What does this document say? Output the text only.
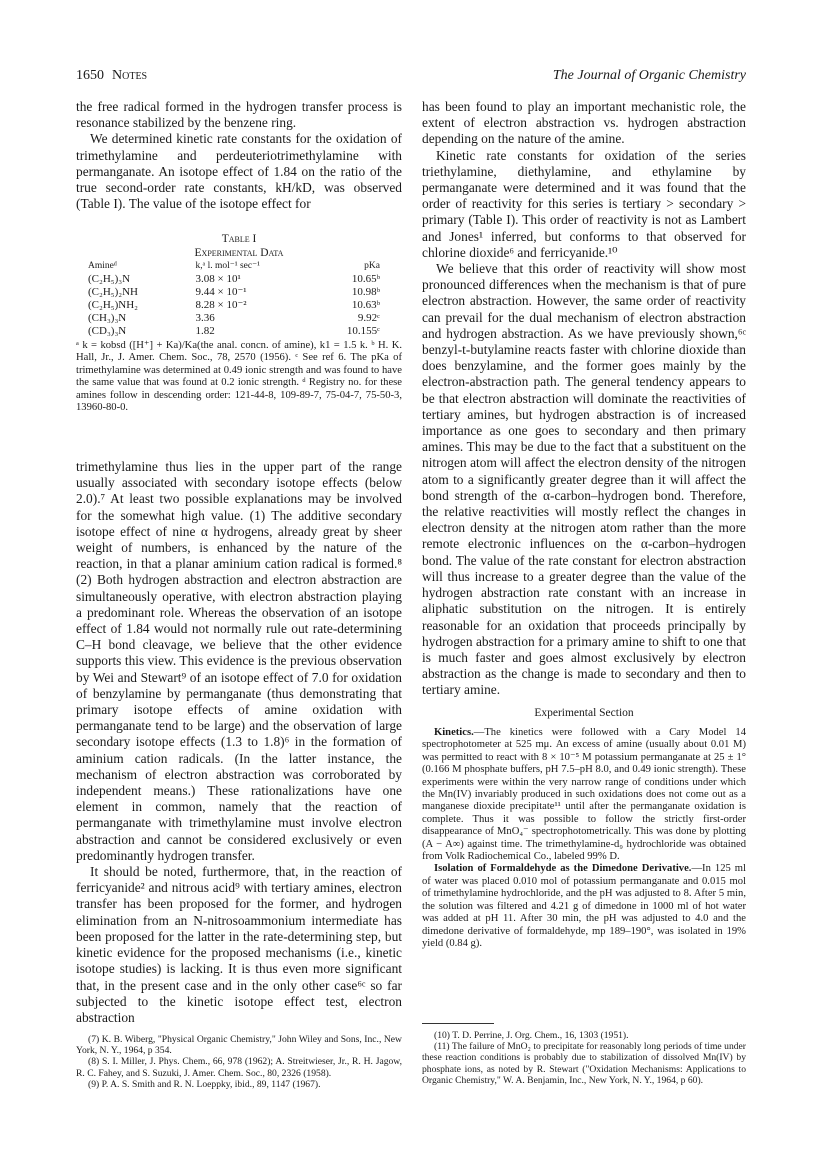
1650 Notes	The Journal of Organic Chemistry

the free radical formed in the hydrogen transfer process is resonance stabilized by the benzene ring.

We determined kinetic rate constants for the oxidation of trimethylamine and perdeuteriotrimethylamine with permanganate. An isotope effect of 1.84 on the ratio of the true second-order rate constants, kH/kD, was observed (Table I). The value of the isotope effect for

Table I
Experimental Data
Amineᵈ	k,ᵃ l. mol⁻¹ sec⁻¹	pKa
(C₂H₅)₃N	3.08 × 10¹	10.65ᵇ
(C₂H₅)₂NH	9.44 × 10⁻¹	10.98ᵇ
(C₂H₅)NH₂	8.28 × 10⁻²	10.63ᵇ
(CH₃)₃N	3.36	9.92ᶜ
(CD₃)₃N	1.82	10.155ᶜ
ᵃ k = kobsd ([H⁺] + Ka)/Ka(the anal. concn. of amine), k1 = 1.5 k. ᵇ H. K. Hall, Jr., J. Amer. Chem. Soc., 78, 2570 (1956). ᶜ See ref 6. The pKa of trimethylamine was determined at 0.49 ionic strength and was found to have the same value that was found at 0.2 ionic strength. ᵈ Registry no. for these amines follow in descending order: 121-44-8, 109-89-7, 75-04-7, 75-50-3, 13960-80-0.

trimethylamine thus lies in the upper part of the range usually associated with secondary isotope effects (below 2.0).⁷ At least two possible explanations may be involved for the somewhat high value. (1) The additive secondary isotope effect of nine α hydrogens, already great by sheer weight of numbers, is enhanced by the nature of the reaction, in that a planar aminium cation radical is formed.⁸ (2) Both hydrogen abstraction and electron abstraction are simultaneously operative, with electron abstraction playing a predominant role. Whereas the observation of an isotope effect of 1.84 would not normally rule out rate-determining C–H bond cleavage, we believe that the other evidence supports this view. This evidence is the previous observation by Wei and Stewart⁹ of an isotope effect of 7.0 for oxidation of benzylamine by permanganate (thus demonstrating that primary isotope effects of amine oxidation with permanganate tend to be large) and the observation of large secondary isotope effects (1.3 to 1.8)⁶ in the formation of aminium cation radicals. (In the latter instance, the mechanism of electron abstraction was corroborated by independent means.) These rationalizations have one element in common, namely that the reaction of permanganate with trimethylamine must involve electron abstraction and cannot be considered exclusively or even predominantly hydrogen transfer.

It should be noted, furthermore, that, in the reaction of ferricyanide² and nitrous acid⁹ with tertiary amines, electron transfer has been proposed for the former, and hydrogen elimination from an N-nitrosoammonium intermediate has been proposed for the latter in the rate-determining step, but kinetic evidence for the proposed mechanisms (i.e., kinetic isotope studies) is lacking. It is thus even more significant that, in the present case and in the only other case⁶ᶜ so far subjected to the kinetic isotope effect test, electron abstraction

(7) K. B. Wiberg, "Physical Organic Chemistry," John Wiley and Sons, Inc., New York, N. Y., 1964, p 354.

(8) S. I. Miller, J. Phys. Chem., 66, 978 (1962); A. Streitwieser, Jr., R. H. Jagow, R. C. Fahey, and S. Suzuki, J. Amer. Chem. Soc., 80, 2326 (1958).

(9) P. A. S. Smith and R. N. Loeppky, ibid., 89, 1147 (1967).

has been found to play an important mechanistic role, the extent of electron abstraction vs. hydrogen abstraction depending on the nature of the amine.

Kinetic rate constants for oxidation of the series triethylamine, diethylamine, and ethylamine by permanganate were determined and it was found that the order of reactivity for this series is tertiary > secondary > primary (Table I). This order of reactivity is not as Lambert and Jones¹ inferred, but conforms to that observed for chlorine dioxide⁶ and ferricyanide.¹⁰

We believe that this order of reactivity will show most pronounced differences when the mechanism is that of pure electron abstraction. However, the same order of reactivity can prevail for the dual mechanism of electron abstraction and hydrogen abstraction. As we have previously shown,⁶ᶜ benzyl-t-butylamine reacts faster with chlorine dioxide than does benzylamine, and the former goes mainly by the electron-abstraction path. The general tendency appears to be that electron abstraction will dominate the reactivities of tertiary amines, but hydrogen abstraction is of increased importance as one goes to secondary and then primary amines. This may be due to the fact that a substituent on the nitrogen atom will affect the electron density of the nitrogen atom to a significantly greater degree than it will affect the bond strength of the α-carbon–hydrogen bond. Therefore, the relative reactivities will mostly reflect the changes in electron density at the nitrogen atom rather than the more remote electronic influences on the α-carbon–hydrogen bond. The value of the rate constant for electron abstraction will thus increase to a greater degree than the value of the hydrogen abstraction rate constant with an increase in aliphatic substitution on the nitrogen. It is entirely reasonable for an oxidation that proceeds principally by hydrogen abstraction for a primary amine to shift to one that is much faster and goes almost exclusively by electron abstraction as the change is made to secondary and then to tertiary amine.

Experimental Section
Kinetics.—The kinetics were followed with a Cary Model 14 spectrophotometer at 525 mμ. An excess of amine (usually about 0.01 M) was permitted to react with 8 × 10⁻⁵ M potassium permanganate at 25 ± 1° (0.166 M phosphate buffers, pH 7.5–pH 8.0, and 0.49 ionic strength). These experiments were within the very narrow range of conditions under which the Mn(IV) invariably produced in such oxidations does not come out as a manganese dioxide precipitate¹¹ until after the permanganate oxidation is complete. Thus it was possible to follow the strictly first-order disappearance of MnO₄⁻ spectrophotometrically. This was done by plotting (A − A∞) against time. The trimethylamine-d₉ hydrochloride was obtained from Volk Radiochemical Co., labeled 99% D.
Isolation of Formaldehyde as the Dimedone Derivative.—In 125 ml of water was placed 0.010 mol of potassium permanganate and 0.015 mol of trimethylamine hydrochloride, and the pH was adjusted to 8. After 5 min, the solution was filtered and 4.21 g of dimedone in 1000 ml of hot water was added at pH 11. After 30 min, the pH was adjusted to 4.0 and the dimedone derivative of formaldehyde, mp 189–190°, was isolated in 19% yield (0.84 g).

(10) T. D. Perrine, J. Org. Chem., 16, 1303 (1951).

(11) The failure of MnO₂ to precipitate for reasonably long periods of time under these reaction conditions is probably due to stabilization of dissolved Mn(IV) by phosphate ions, as noted by R. Stewart ("Oxidation Mechanisms: Applications to Organic Chemistry," W. A. Benjamin, Inc., New York, N. Y., 1964, p 60).
